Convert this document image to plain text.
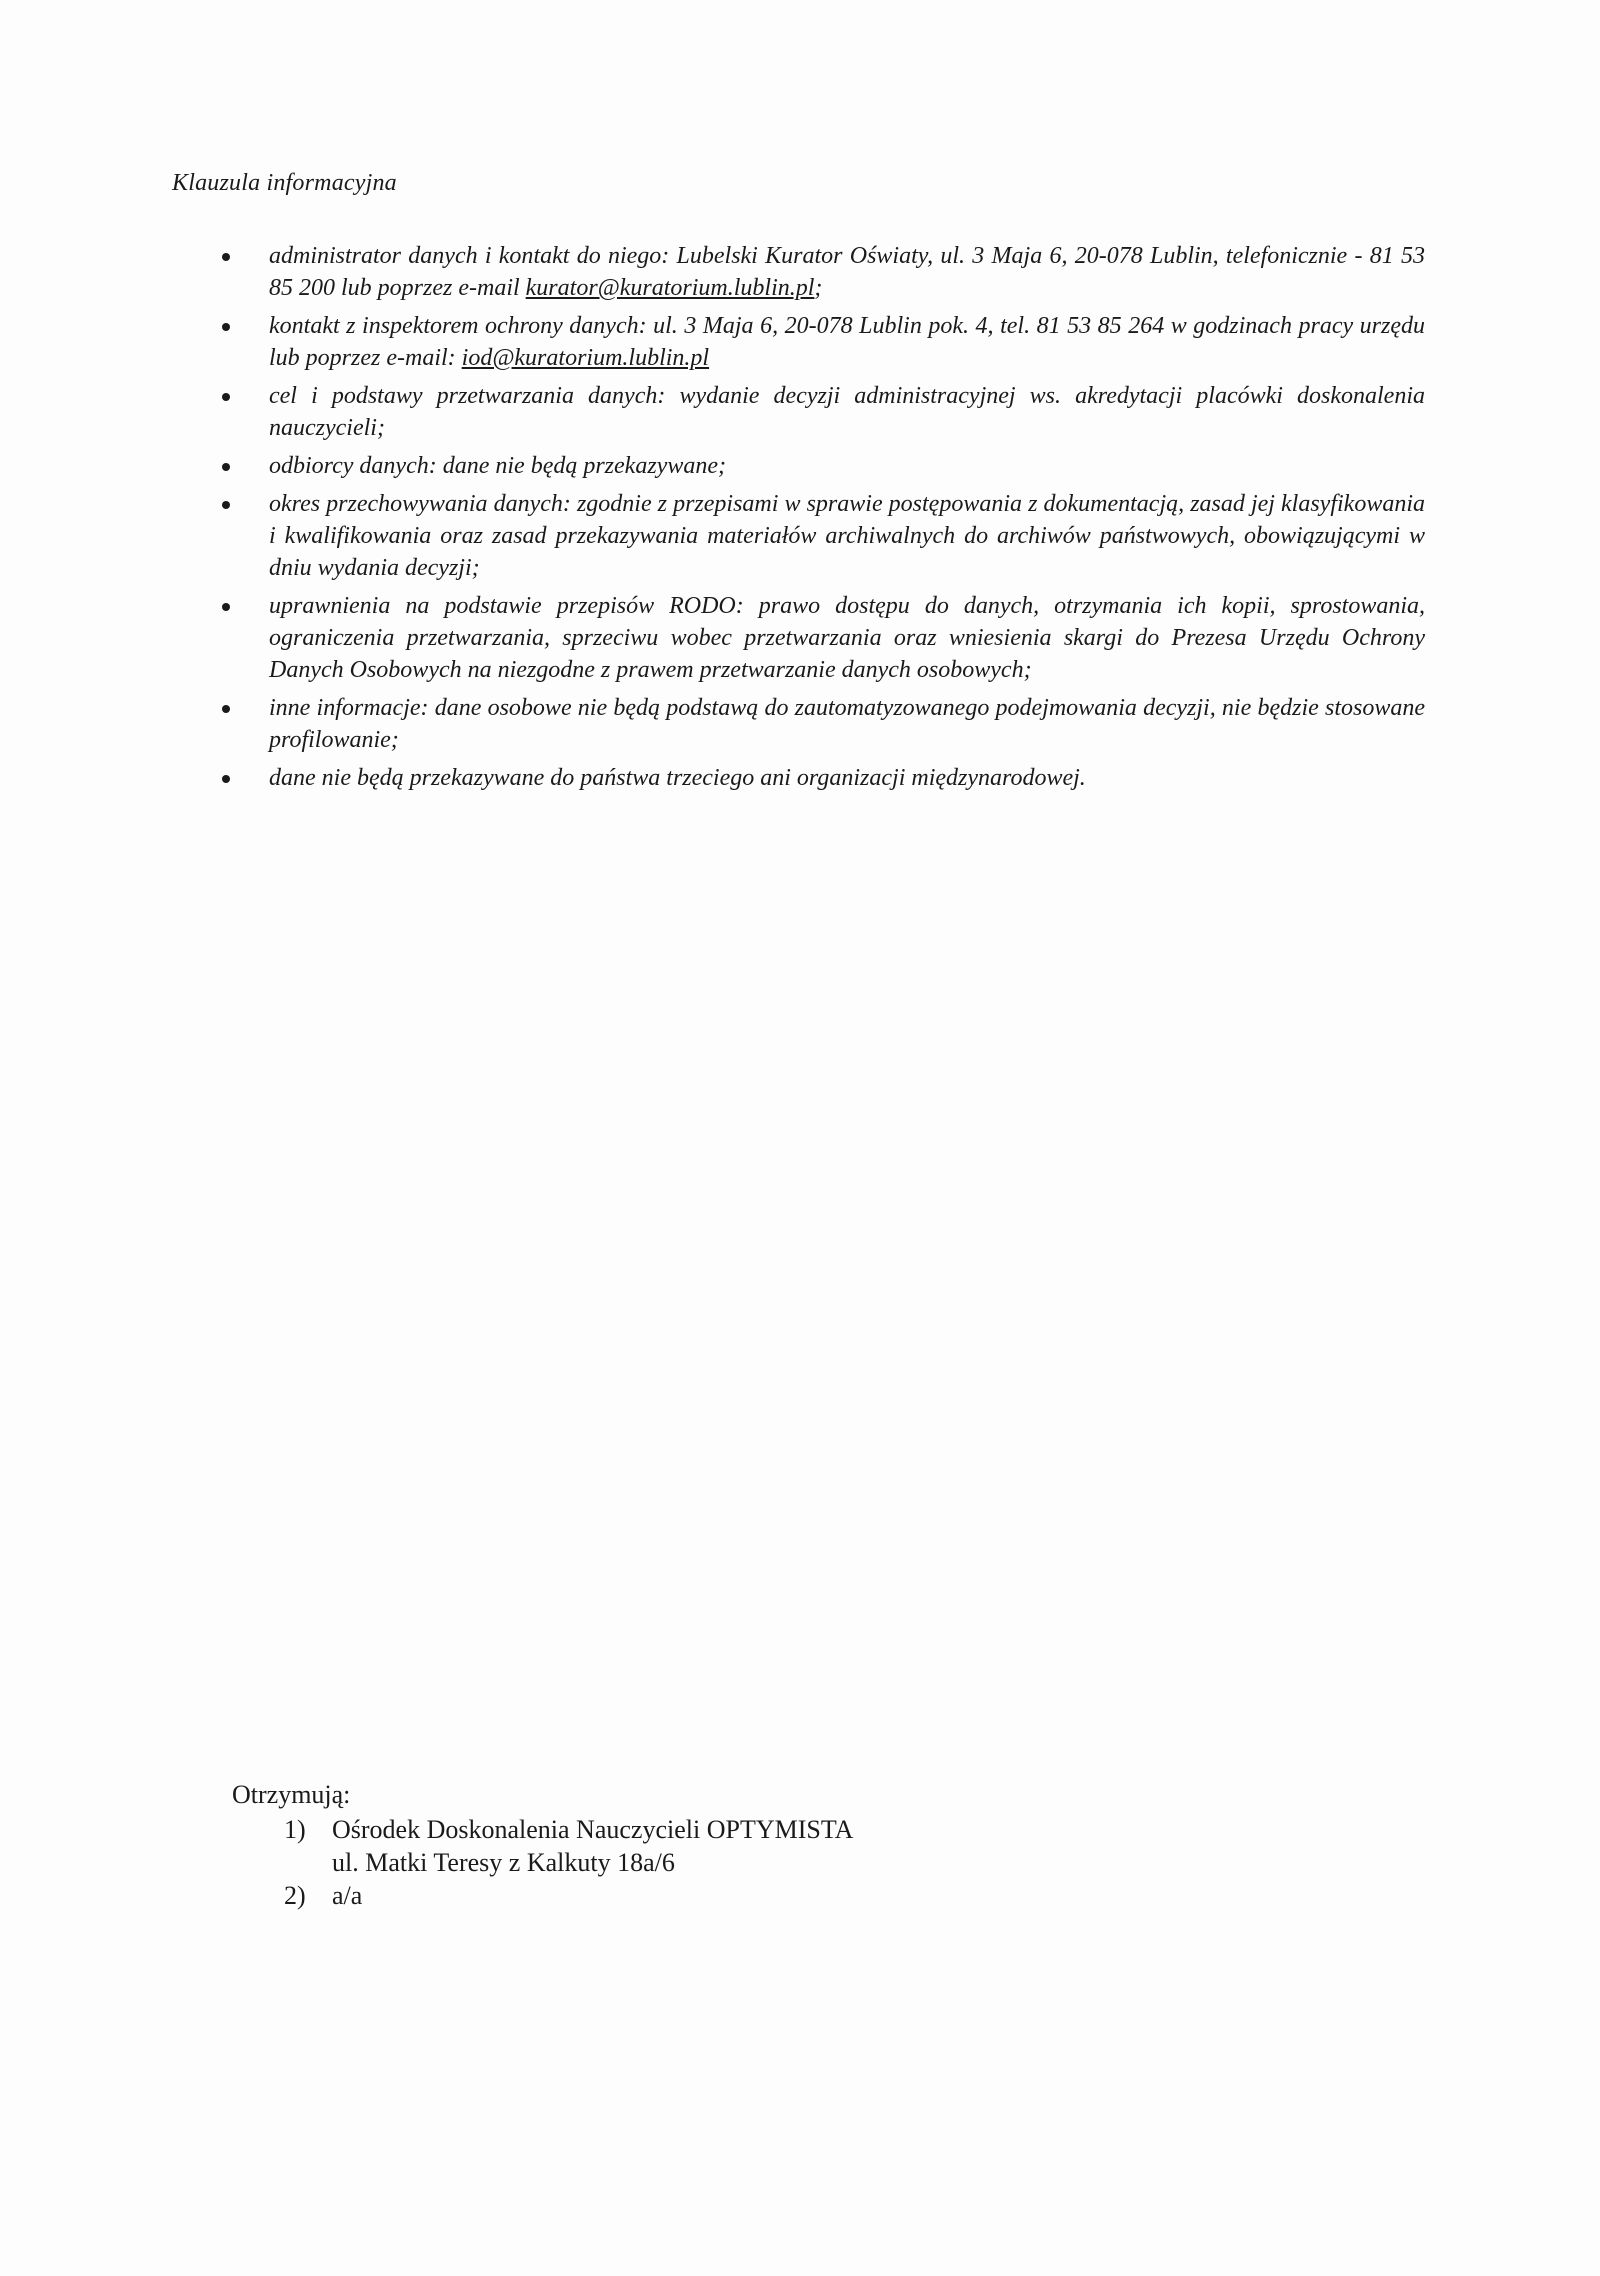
Klauzula informacyjna
administrator danych i kontakt do niego: Lubelski Kurator Oświaty, ul. 3 Maja 6, 20-078 Lublin, telefonicznie - 81 53 85 200 lub poprzez e-mail kurator@kuratorium.lublin.pl;
kontakt z inspektorem ochrony danych: ul. 3 Maja 6, 20-078 Lublin pok. 4, tel. 81 53 85 264 w godzinach pracy urzędu lub poprzez e-mail: iod@kuratorium.lublin.pl
cel i podstawy przetwarzania danych: wydanie decyzji administracyjnej ws. akredytacji placówki doskonalenia nauczycieli;
odbiorcy danych: dane nie będą przekazywane;
okres przechowywania danych: zgodnie z przepisami w sprawie postępowania z dokumentacją, zasad jej klasyfikowania i kwalifikowania oraz zasad przekazywania materiałów archiwalnych do archiwów państwowych, obowiązującymi w dniu wydania decyzji;
uprawnienia na podstawie przepisów RODO: prawo dostępu do danych, otrzymania ich kopii, sprostowania, ograniczenia przetwarzania, sprzeciwu wobec przetwarzania oraz wniesienia skargi do Prezesa Urzędu Ochrony Danych Osobowych na niezgodne z prawem przetwarzanie danych osobowych;
inne informacje: dane osobowe nie będą podstawą do zautomatyzowanego podejmowania decyzji, nie będzie stosowane profilowanie;
dane nie będą przekazywane do państwa trzeciego ani organizacji międzynarodowej.
Otrzymują:
1) Ośrodek Doskonalenia Nauczycieli OPTYMISTA
ul. Matki Teresy z Kalkuty 18a/6
2) a/a
